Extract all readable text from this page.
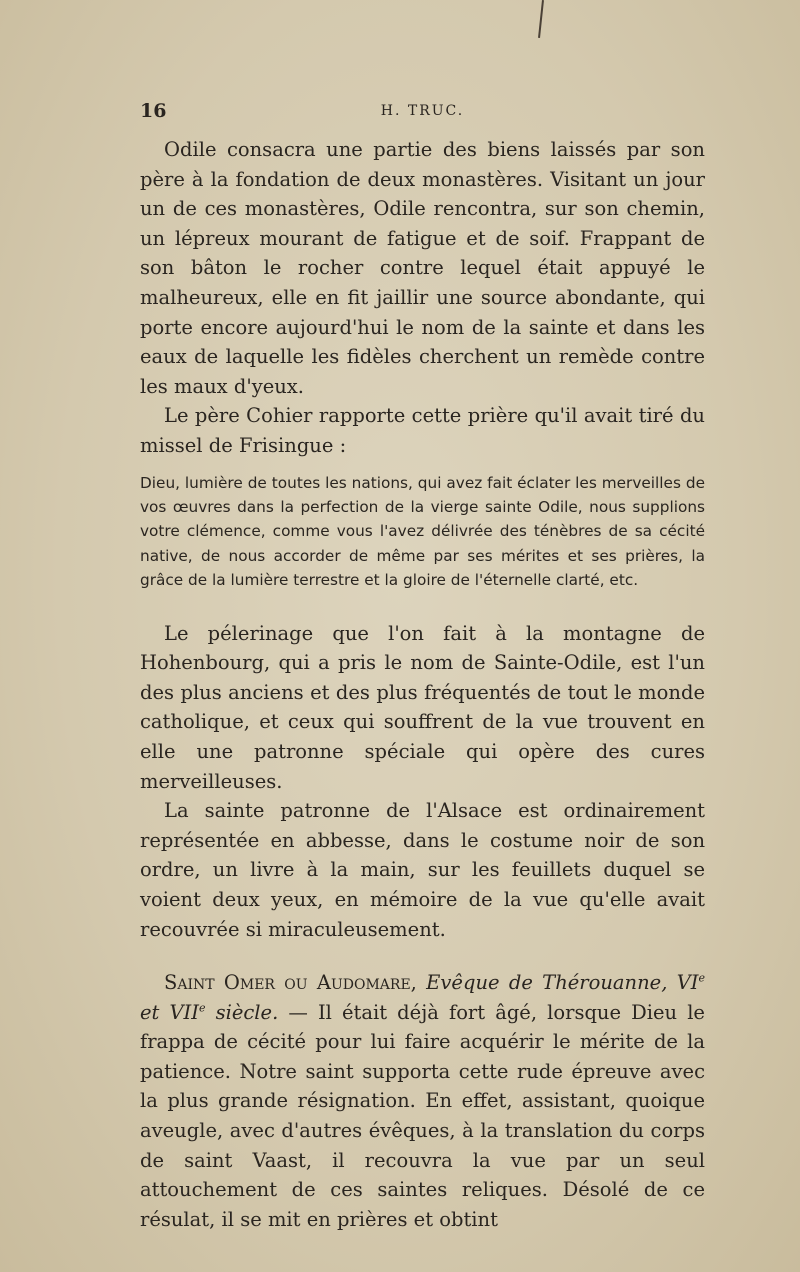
16	H. TRUC.

Odile consacra une partie des biens laissés par son père à la fondation de deux monastères. Visitant un jour un de ces monastères, Odile rencontra, sur son chemin, un lépreux mourant de fatigue et de soif. Frappant de son bâton le rocher contre lequel était appuyé le malheureux, elle en fit jaillir une source abondante, qui porte encore aujourd'hui le nom de la sainte et dans les eaux de laquelle les fidèles cherchent un remède contre les maux d'yeux.

Le père Cohier rapporte cette prière qu'il avait tiré du missel de Frisingue :

Dieu, lumière de toutes les nations, qui avez fait éclater les merveilles de vos œuvres dans la perfection de la vierge sainte Odile, nous supplions votre clémence, comme vous l'avez délivrée des ténèbres de sa cécité native, de nous accorder de même par ses mérites et ses prières, la grâce de la lumière terrestre et la gloire de l'éternelle clarté, etc.

Le pélerinage que l'on fait à la montagne de Hohenbourg, qui a pris le nom de Sainte-Odile, est l'un des plus anciens et des plus fréquentés de tout le monde catholique, et ceux qui souffrent de la vue trouvent en elle une patronne spéciale qui opère des cures merveilleuses.

La sainte patronne de l'Alsace est ordinairement représentée en abbesse, dans le costume noir de son ordre, un livre à la main, sur les feuillets duquel se voient deux yeux, en mémoire de la vue qu'elle avait recouvrée si miraculeusement.

Saint Omer ou Audomare, Evêque de Thérouanne, VIe et VIIe siècle. — Il était déjà fort âgé, lorsque Dieu le frappa de cécité pour lui faire acquérir le mérite de la patience. Notre saint supporta cette rude épreuve avec la plus grande résignation. En effet, assistant, quoique aveugle, avec d'autres évêques, à la translation du corps de saint Vaast, il recouvra la vue par un seul attouchement de ces saintes reliques. Désolé de ce résulat, il se mit en prières et obtint
